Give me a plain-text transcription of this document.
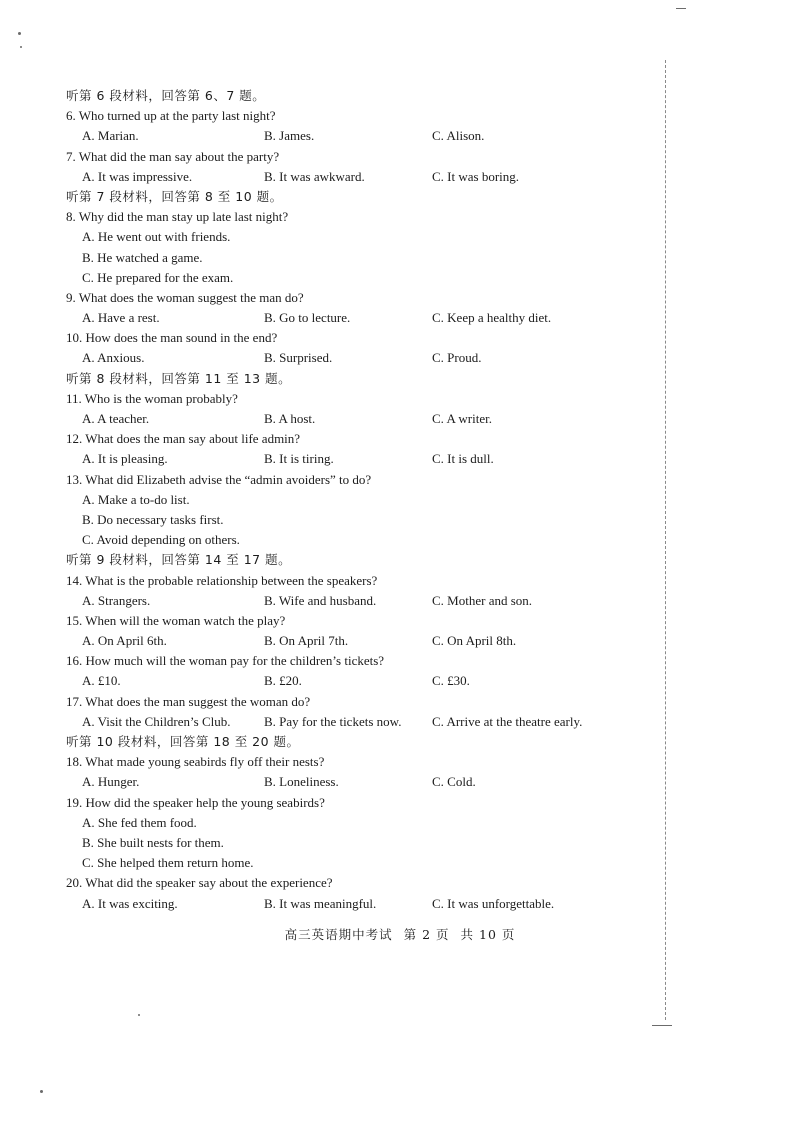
听第 6 段材料，回答第 6、7 题。
6. Who turned up at the party last night?
A. Marian.	B. James.	C. Alison.
7. What did the man say about the party?
A. It was impressive.	B. It was awkward.	C. It was boring.
听第 7 段材料，回答第 8 至 10 题。
8. Why did the man stay up late last night?
A. He went out with friends.
B. He watched a game.
C. He prepared for the exam.
9. What does the woman suggest the man do?
A. Have a rest.	B. Go to lecture.	C. Keep a healthy diet.
10. How does the man sound in the end?
A. Anxious.	B. Surprised.	C. Proud.
听第 8 段材料，回答第 11 至 13 题。
11. Who is the woman probably?
A. A teacher.	B. A host.	C. A writer.
12. What does the man say about life admin?
A. It is pleasing.	B. It is tiring.	C. It is dull.
13. What did Elizabeth advise the “admin avoiders” to do?
A. Make a to-do list.
B. Do necessary tasks first.
C. Avoid depending on others.
听第 9 段材料，回答第 14 至 17 题。
14. What is the probable relationship between the speakers?
A. Strangers.	B. Wife and husband.	C. Mother and son.
15. When will the woman watch the play?
A. On April 6th.	B. On April 7th.	C. On April 8th.
16. How much will the woman pay for the children’s tickets?
A. £10.	B. £20.	C. £30.
17. What does the man suggest the woman do?
A. Visit the Children’s Club.	B. Pay for the tickets now. C. Arrive at the theatre early.
听第 10 段材料，回答第 18 至 20 题。
18. What made young seabirds fly off their nests?
A. Hunger.	B. Loneliness.	C. Cold.
19. How did the speaker help the young seabirds?
A. She fed them food.
B. She built nests for them.
C. She helped them return home.
20. What did the speaker say about the experience?
A. It was exciting.	B. It was meaningful.	C. It was unforgettable.
高三英语期中考试 第 2 页 共 10 页
